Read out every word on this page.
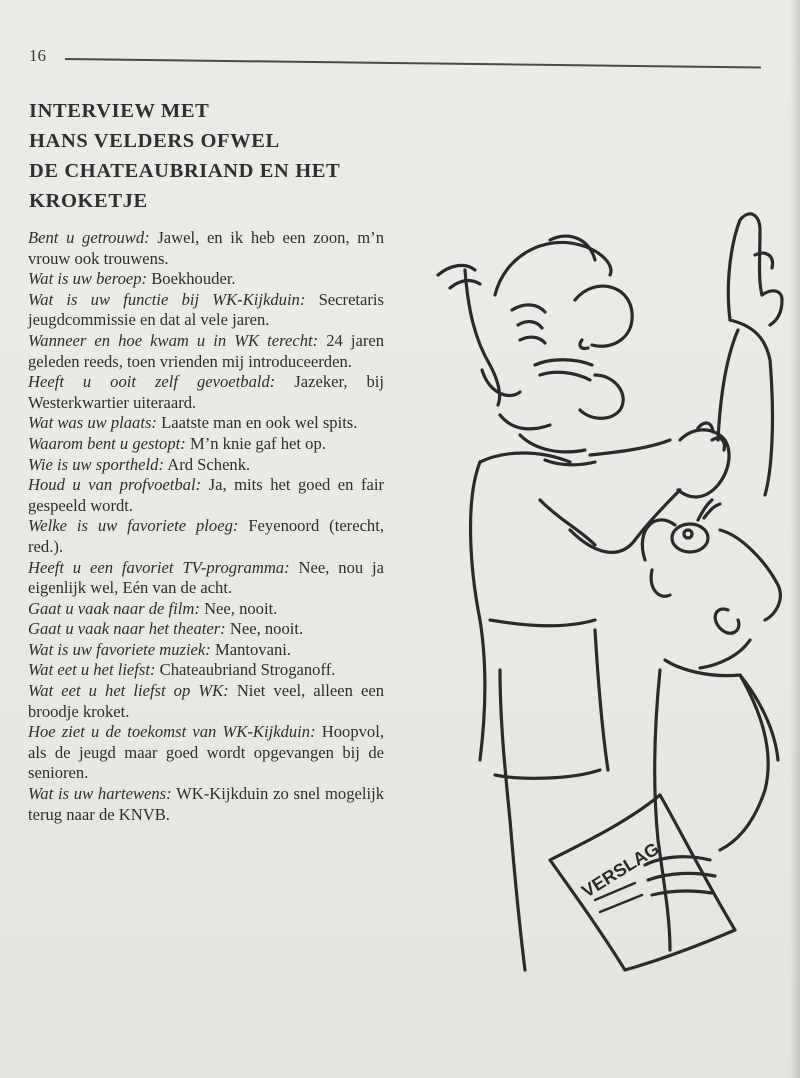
16
INTERVIEW MET
HANS VELDERS OFWEL
DE CHATEAUBRIAND EN HET
KROKETJE

Bent u getrouwd: Jawel, en ik heb een zoon, m’n vrouw ook trouwens.

Wat is uw beroep: Boekhouder.

Wat is uw functie bij WK-Kijkduin: Secretaris jeugdcommissie en dat al vele jaren.

Wanneer en hoe kwam u in WK terecht: 24 jaren geleden reeds, toen vrienden mij introduceerden.

Heeft u ooit zelf gevoetbald: Jazeker, bij Westerkwartier uiteraard.

Wat was uw plaats: Laatste man en ook wel spits.

Waarom bent u gestopt: M’n knie gaf het op.

Wie is uw sportheld: Ard Schenk.

Houd u van profvoetbal: Ja, mits het goed en fair gespeeld wordt.

Welke is uw favoriete ploeg: Feyenoord (terecht, red.).

Heeft u een favoriet TV-programma: Nee, nou ja eigenlijk wel, Eén van de acht.

Gaat u vaak naar de film: Nee, nooit.

Gaat u vaak naar het theater: Nee, nooit.

Wat is uw favoriete muziek: Mantovani.

Wat eet u het liefst: Chateaubriand Stroganoff.

Wat eet u het liefst op WK: Niet veel, alleen een broodje kroket.

Hoe ziet u de toekomst van WK-Kijkduin: Hoopvol, als de jeugd maar goed wordt opgevangen bij de senioren.

Wat is uw hartewens: WK-Kijkduin zo snel mogelijk terug naar de KNVB.

VERSLAG
